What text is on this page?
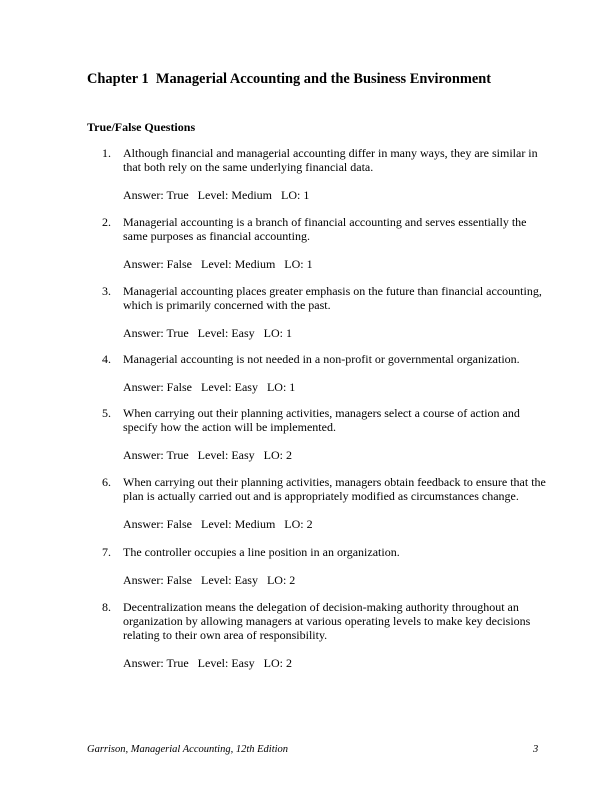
Chapter 1  Managerial Accounting and the Business Environment
True/False Questions
1. Although financial and managerial accounting differ in many ways, they are similar in that both rely on the same underlying financial data.
Answer: True   Level: Medium   LO: 1
2. Managerial accounting is a branch of financial accounting and serves essentially the same purposes as financial accounting.
Answer: False   Level: Medium   LO: 1
3. Managerial accounting places greater emphasis on the future than financial accounting, which is primarily concerned with the past.
Answer: True   Level: Easy   LO: 1
4. Managerial accounting is not needed in a non-profit or governmental organization.
Answer: False   Level: Easy   LO: 1
5. When carrying out their planning activities, managers select a course of action and specify how the action will be implemented.
Answer: True   Level: Easy   LO: 2
6. When carrying out their planning activities, managers obtain feedback to ensure that the plan is actually carried out and is appropriately modified as circumstances change.
Answer: False   Level: Medium   LO: 2
7. The controller occupies a line position in an organization.
Answer: False   Level: Easy   LO: 2
8. Decentralization means the delegation of decision-making authority throughout an organization by allowing managers at various operating levels to make key decisions relating to their own area of responsibility.
Answer: True   Level: Easy   LO: 2
Garrison, Managerial Accounting, 12th Edition	3
